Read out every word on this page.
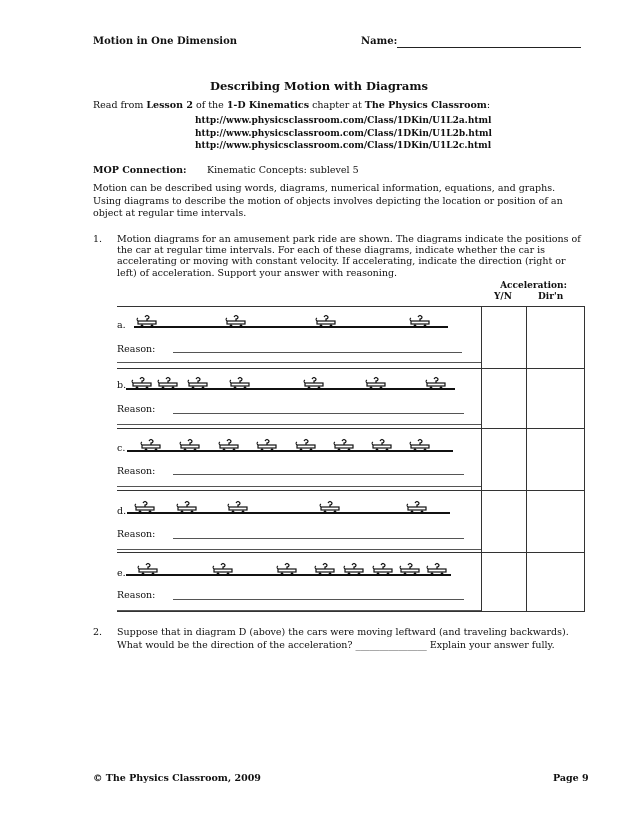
Motion in One Dimension	Name:
Describing Motion with Diagrams
Read from Lesson 2 of the 1-D Kinematics chapter at The Physics Classroom:
http://www.physicsclassroom.com/Class/1DKin/U1L2a.html
http://www.physicsclassroom.com/Class/1DKin/U1L2b.html
http://www.physicsclassroom.com/Class/1DKin/U1L2c.html
MOP Connection: Kinematic Concepts: sublevel 5
Motion can be described using words, diagrams, numerical information, equations, and graphs. Using diagrams to describe the motion of objects involves depicting the location or position of an object at regular time intervals.
1. Motion diagrams for an amusement park ride are shown. The diagrams indicate the positions of the car at regular time intervals. For each of these diagrams, indicate whether the car is accelerating or moving with constant velocity. If accelerating, indicate the direction (right or left) of acceleration. Support your answer with reasoning.
Acceleration:
Y/N	Dir'n
a.
Reason:
b.
Reason:
c.
Reason:
d.
Reason:
e.
Reason:
2. Suppose that in diagram D (above) the cars were moving leftward (and traveling backwards). What would be the direction of the acceleration? _______________ Explain your answer fully.
© The Physics Classroom, 2009	Page 9
